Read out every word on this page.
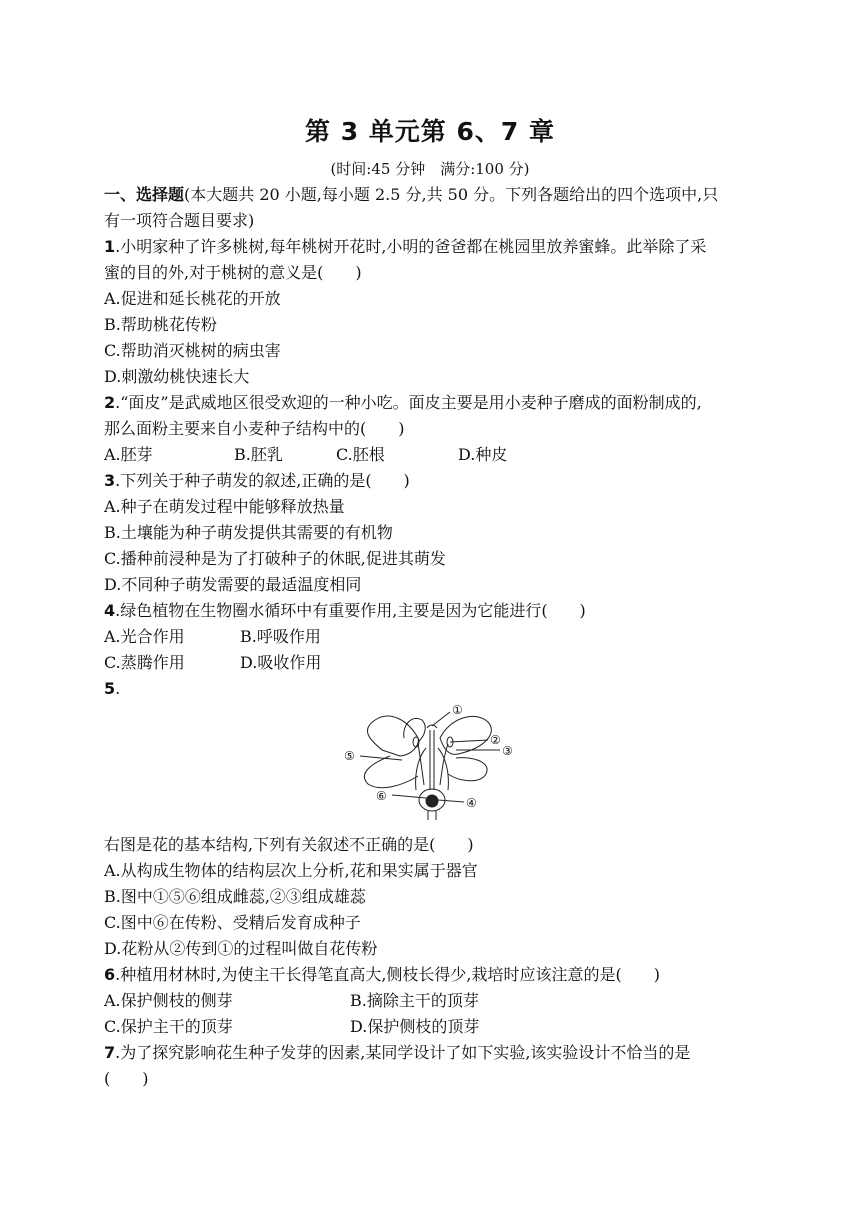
第 3 单元第 6、7 章
(时间:45 分钟　满分:100 分)
一、选择题(本大题共 20 小题,每小题 2.5 分,共 50 分。下列各题给出的四个选项中,只
有一项符合题目要求)
1.小明家种了许多桃树,每年桃树开花时,小明的爸爸都在桃园里放养蜜蜂。此举除了采
蜜的目的外,对于桃树的意义是(　　)
A.促进和延长桃花的开放
B.帮助桃花传粉
C.帮助消灭桃树的病虫害
D.刺激幼桃快速长大
2.“面皮”是武威地区很受欢迎的一种小吃。面皮主要是用小麦种子磨成的面粉制成的,
那么面粉主要来自小麦种子结构中的(　　)
A.胚芽	B.胚乳	C.胚根	D.种皮
3.下列关于种子萌发的叙述,正确的是(　　)
A.种子在萌发过程中能够释放热量
B.土壤能为种子萌发提供其需要的有机物
C.播种前浸种是为了打破种子的休眠,促进其萌发
D.不同种子萌发需要的最适温度相同
4.绿色植物在生物圈水循环中有重要作用,主要是因为它能进行(　　)
A.光合作用	B.呼吸作用
C.蒸腾作用	D.吸收作用
5.
①
②
③
④
⑤
⑥
右图是花的基本结构,下列有关叙述不正确的是(　　)
A.从构成生物体的结构层次上分析,花和果实属于器官
B.图中①⑤⑥组成雌蕊,②③组成雄蕊
C.图中⑥在传粉、受精后发育成种子
D.花粉从②传到①的过程叫做自花传粉
6.种植用材林时,为使主干长得笔直高大,侧枝长得少,栽培时应该注意的是(　　)
A.保护侧枝的侧芽	B.摘除主干的顶芽
C.保护主干的顶芽	D.保护侧枝的顶芽
7.为了探究影响花生种子发芽的因素,某同学设计了如下实验,该实验设计不恰当的是
(　　)
